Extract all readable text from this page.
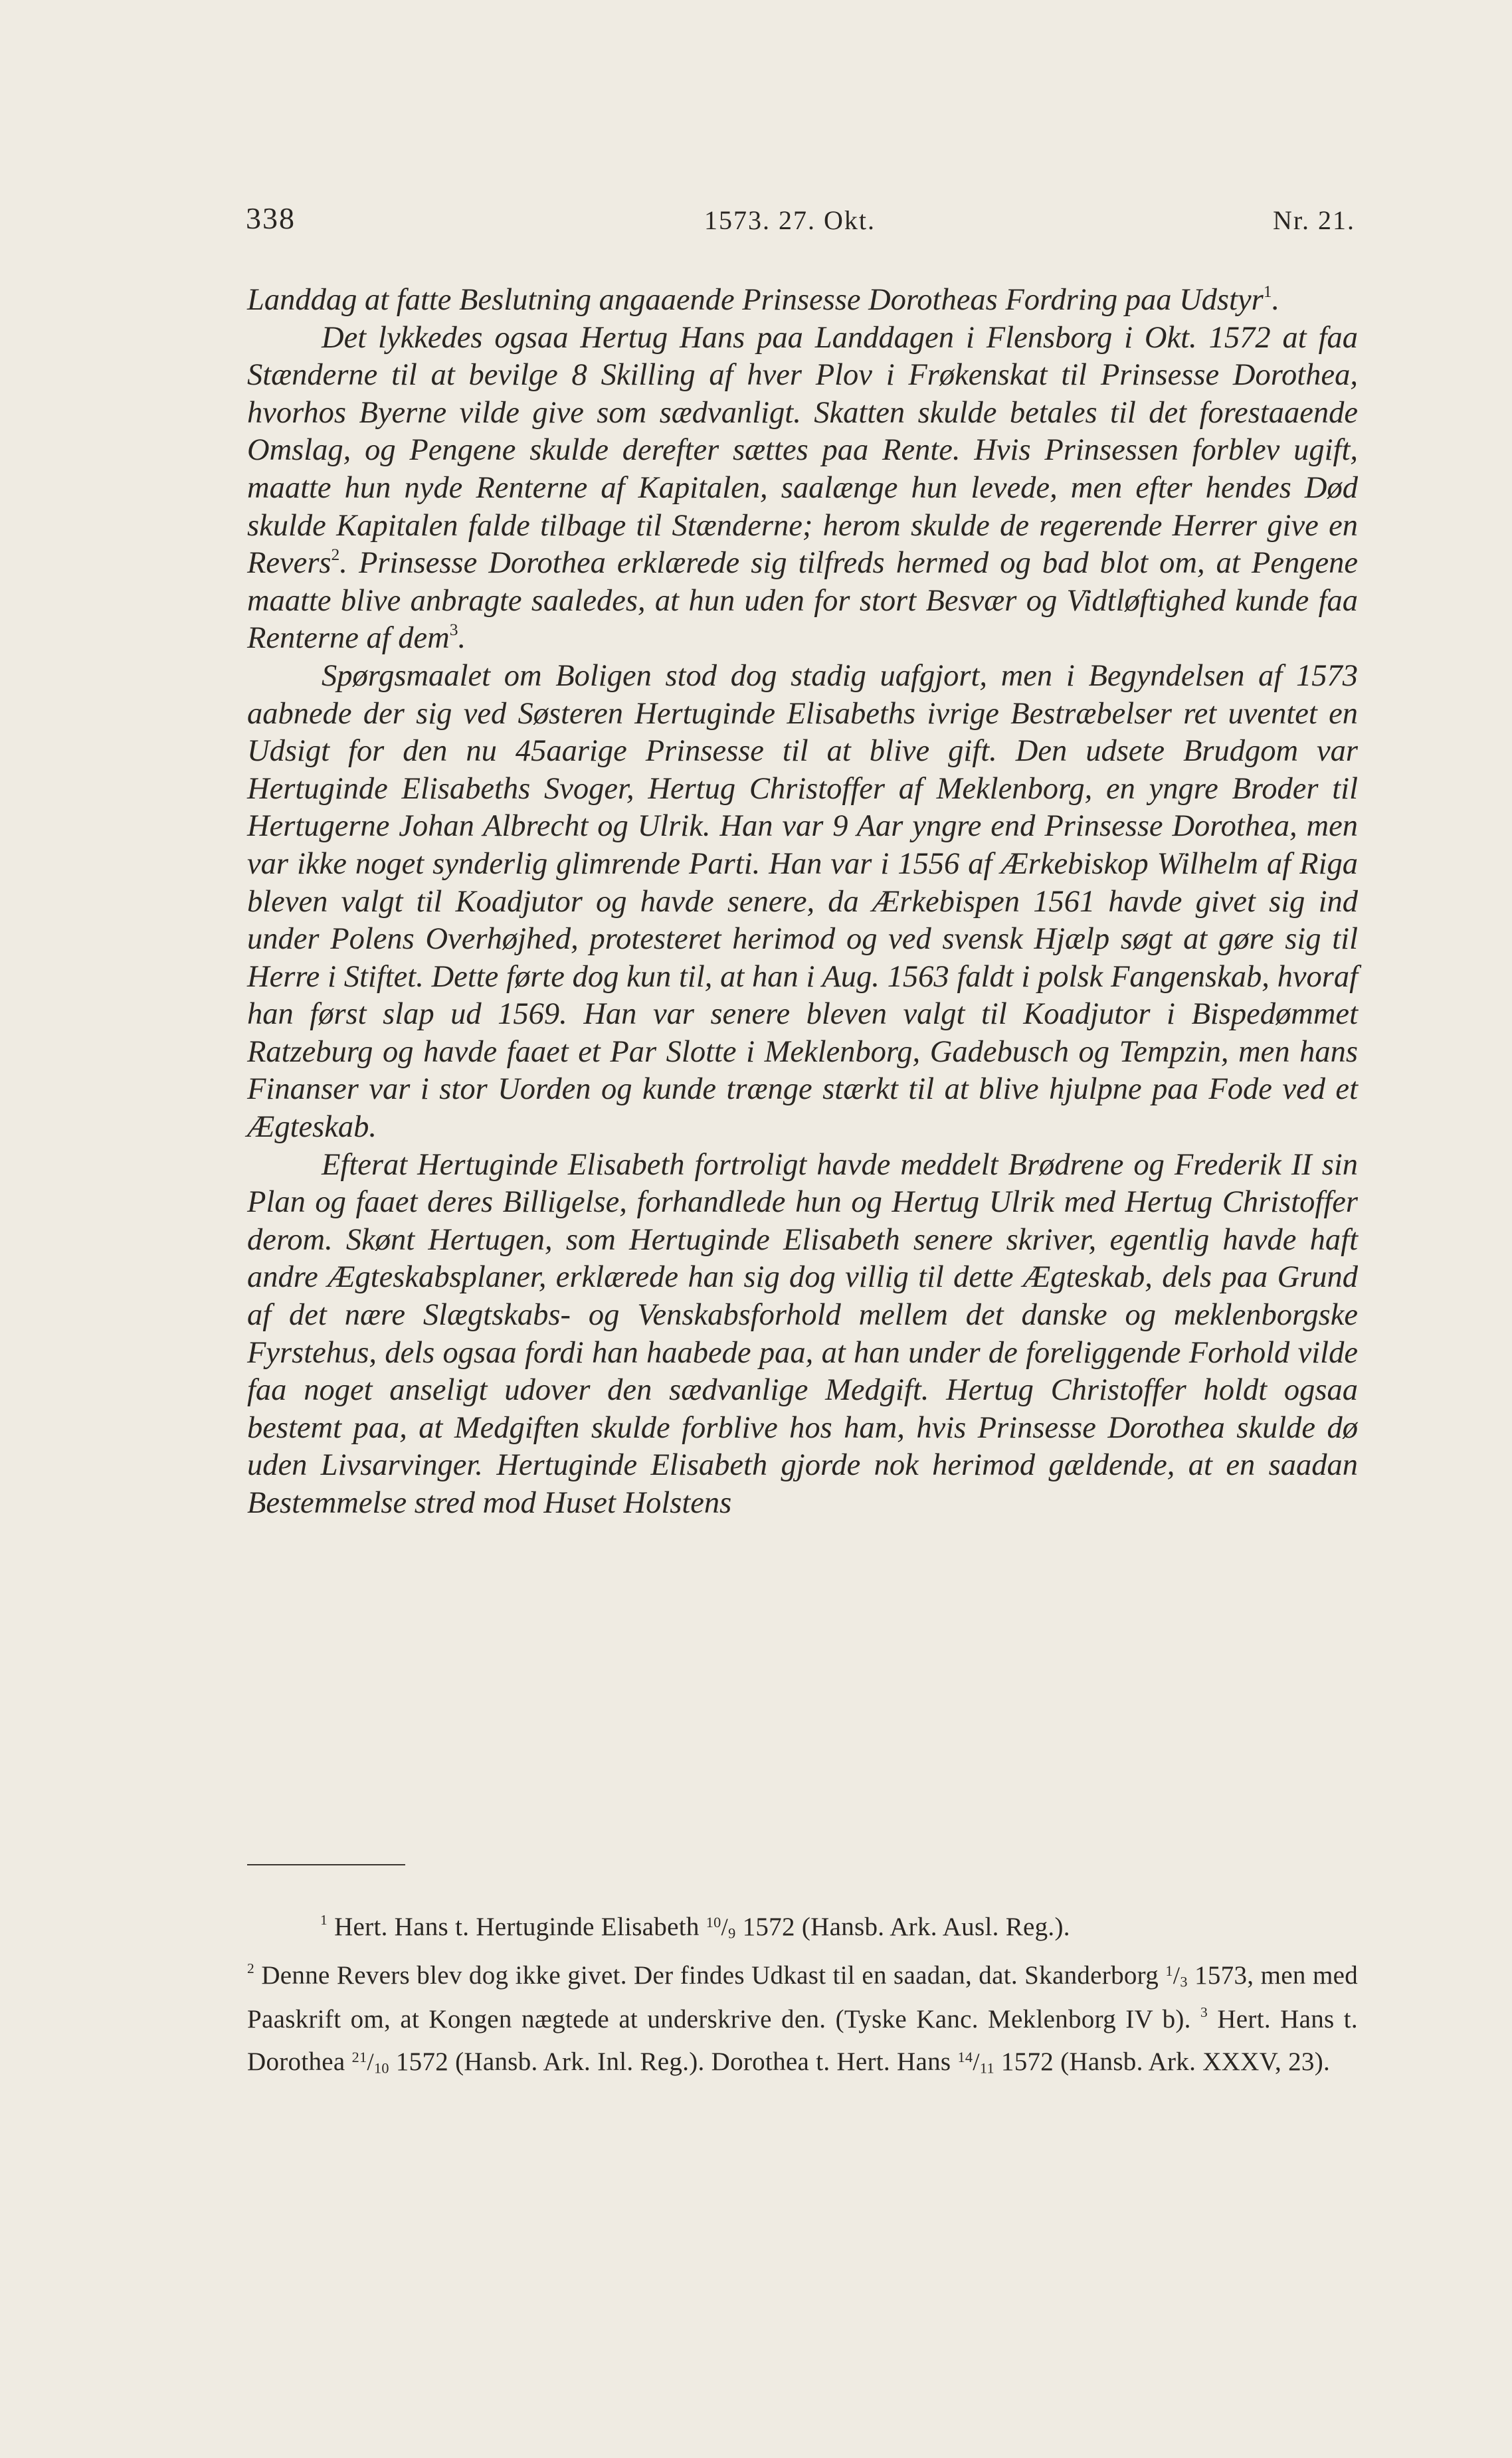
338	1573. 27. Okt.	Nr. 21.

Landdag at fatte Beslutning angaaende Prinsesse Dorotheas Fordring paa Udstyr$^1$.

Det lykkedes ogsaa Hertug Hans paa Landdagen i Flensborg i Okt. 1572 at faa Stænderne til at bevilge 8 Skilling af hver Plov i Frøkenskat til Prinsesse Dorothea, hvorhos Byerne vilde give som sædvanligt. Skatten skulde betales til det forestaaende Omslag, og Pengene skulde derefter sættes paa Rente. Hvis Prinsessen forblev ugift, maatte hun nyde Renterne af Kapitalen, saalænge hun levede, men efter hendes Død skulde Kapitalen falde tilbage til Stænderne; herom skulde de regerende Herrer give en Revers$^2$. Prinsesse Dorothea erklærede sig tilfreds hermed og bad blot om, at Pengene maatte blive anbragte saaledes, at hun uden for stort Besvær og Vidtløftighed kunde faa Renterne af dem$^3$.

Spørgsmaalet om Boligen stod dog stadig uafgjort, men i Begyndelsen af 1573 aabnede der sig ved Søsteren Hertuginde Elisabeths ivrige Bestræbelser ret uventet en Udsigt for den nu 45aarige Prinsesse til at blive gift. Den udsete Brudgom var Hertuginde Elisabeths Svoger, Hertug Christoffer af Meklenborg, en yngre Broder til Hertugerne Johan Albrecht og Ulrik. Han var 9 Aar yngre end Prinsesse Dorothea, men var ikke noget synderlig glimrende Parti. Han var i 1556 af Ærkebiskop Wilhelm af Riga bleven valgt til Koadjutor og havde senere, da Ærkebispen 1561 havde givet sig ind under Polens Overhøjhed, protesteret herimod og ved svensk Hjælp søgt at gøre sig til Herre i Stiftet. Dette førte dog kun til, at han i Aug. 1563 faldt i polsk Fangenskab, hvoraf han først slap ud 1569. Han var senere bleven valgt til Koadjutor i Bispedømmet Ratzeburg og havde faaet et Par Slotte i Meklenborg, Gadebusch og Tempzin, men hans Finanser var i stor Uorden og kunde trænge stærkt til at blive hjulpne paa Fode ved et Ægteskab.

Efterat Hertuginde Elisabeth fortroligt havde meddelt Brødrene og Frederik II sin Plan og faaet deres Billigelse, forhandlede hun og Hertug Ulrik med Hertug Christoffer derom. Skønt Hertugen, som Hertuginde Elisabeth senere skriver, egentlig havde haft andre Ægteskabsplaner, erklærede han sig dog villig til dette Ægteskab, dels paa Grund af det nære Slægtskabs- og Venskabsforhold mellem det danske og meklenborgske Fyrstehus, dels ogsaa fordi han haabede paa, at han under de foreliggende Forhold vilde faa noget anseligt udover den sædvanlige Medgift. Hertug Christoffer holdt ogsaa bestemt paa, at Medgiften skulde forblive hos ham, hvis Prinsesse Dorothea skulde dø uden Livsarvinger. Hertuginde Elisabeth gjorde nok herimod gældende, at en saadan Bestemmelse stred mod Huset Holstens

$^1$ Hert. Hans t. Hertuginde Elisabeth $^{10}$/9 1572 (Hansb. Ark. Ausl. Reg.).

$^2$ Denne Revers blev dog ikke givet. Der findes Udkast til en saadan, dat. Skanderborg $^1$/3 1573, men med Paaskrift om, at Kongen nægtede at underskrive den. (Tyske Kanc. Meklenborg IV b). $^3$ Hert. Hans t. Dorothea $^{21}$/10 1572 (Hansb. Ark. Inl. Reg.). Dorothea t. Hert. Hans $^{14}$/11 1572 (Hansb. Ark. XXXV, 23).
